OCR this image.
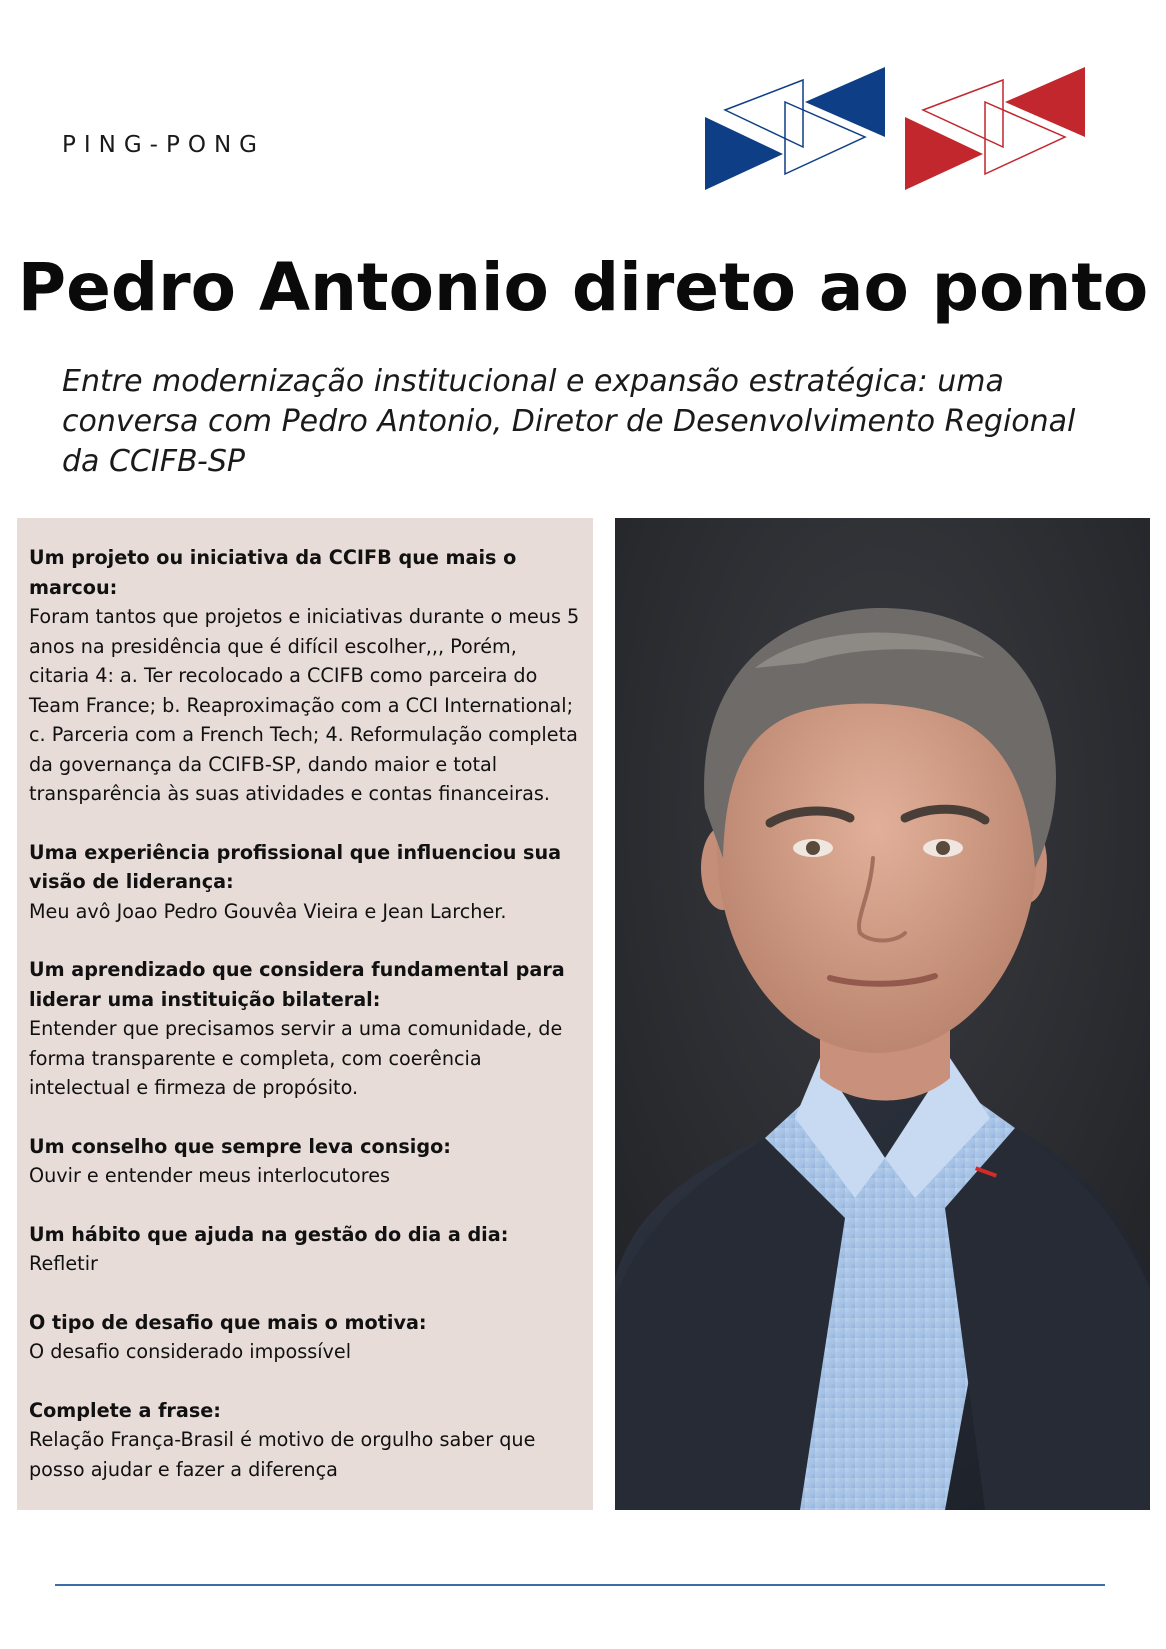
PING-PONG
Pedro Antonio direto ao ponto

Entre modernização institucional e expansão estratégica: uma conversa com Pedro Antonio, Diretor de Desenvolvimento Regional da CCIFB-SP

Um projeto ou iniciativa da CCIFB que mais o marcou:

Foram tantos que projetos e iniciativas durante o meus 5 anos na presidência que é difícil escolher,,, Porém, citaria 4: a. Ter recolocado a CCIFB como parceira do Team France; b. Reaproximação com a CCI International; c. Parceria com a French Tech; 4. Reformulação completa da governança da CCIFB-SP, dando maior e total transparência às suas atividades e contas financeiras.

Uma experiência profissional que influenciou sua visão de liderança:

Meu avô Joao Pedro Gouvêa Vieira e Jean Larcher.

Um aprendizado que considera fundamental para liderar uma instituição bilateral:

Entender que precisamos servir a uma comunidade, de forma transparente e completa, com coerência intelectual e firmeza de propósito.

Um conselho que sempre leva consigo:

Ouvir e entender meus interlocutores

Um hábito que ajuda na gestão do dia a dia:

Refletir

O tipo de desafio que mais o motiva:

O desafio considerado impossível

Complete a frase:

Relação França-Brasil é motivo de orgulho saber que posso ajudar e fazer a diferença
